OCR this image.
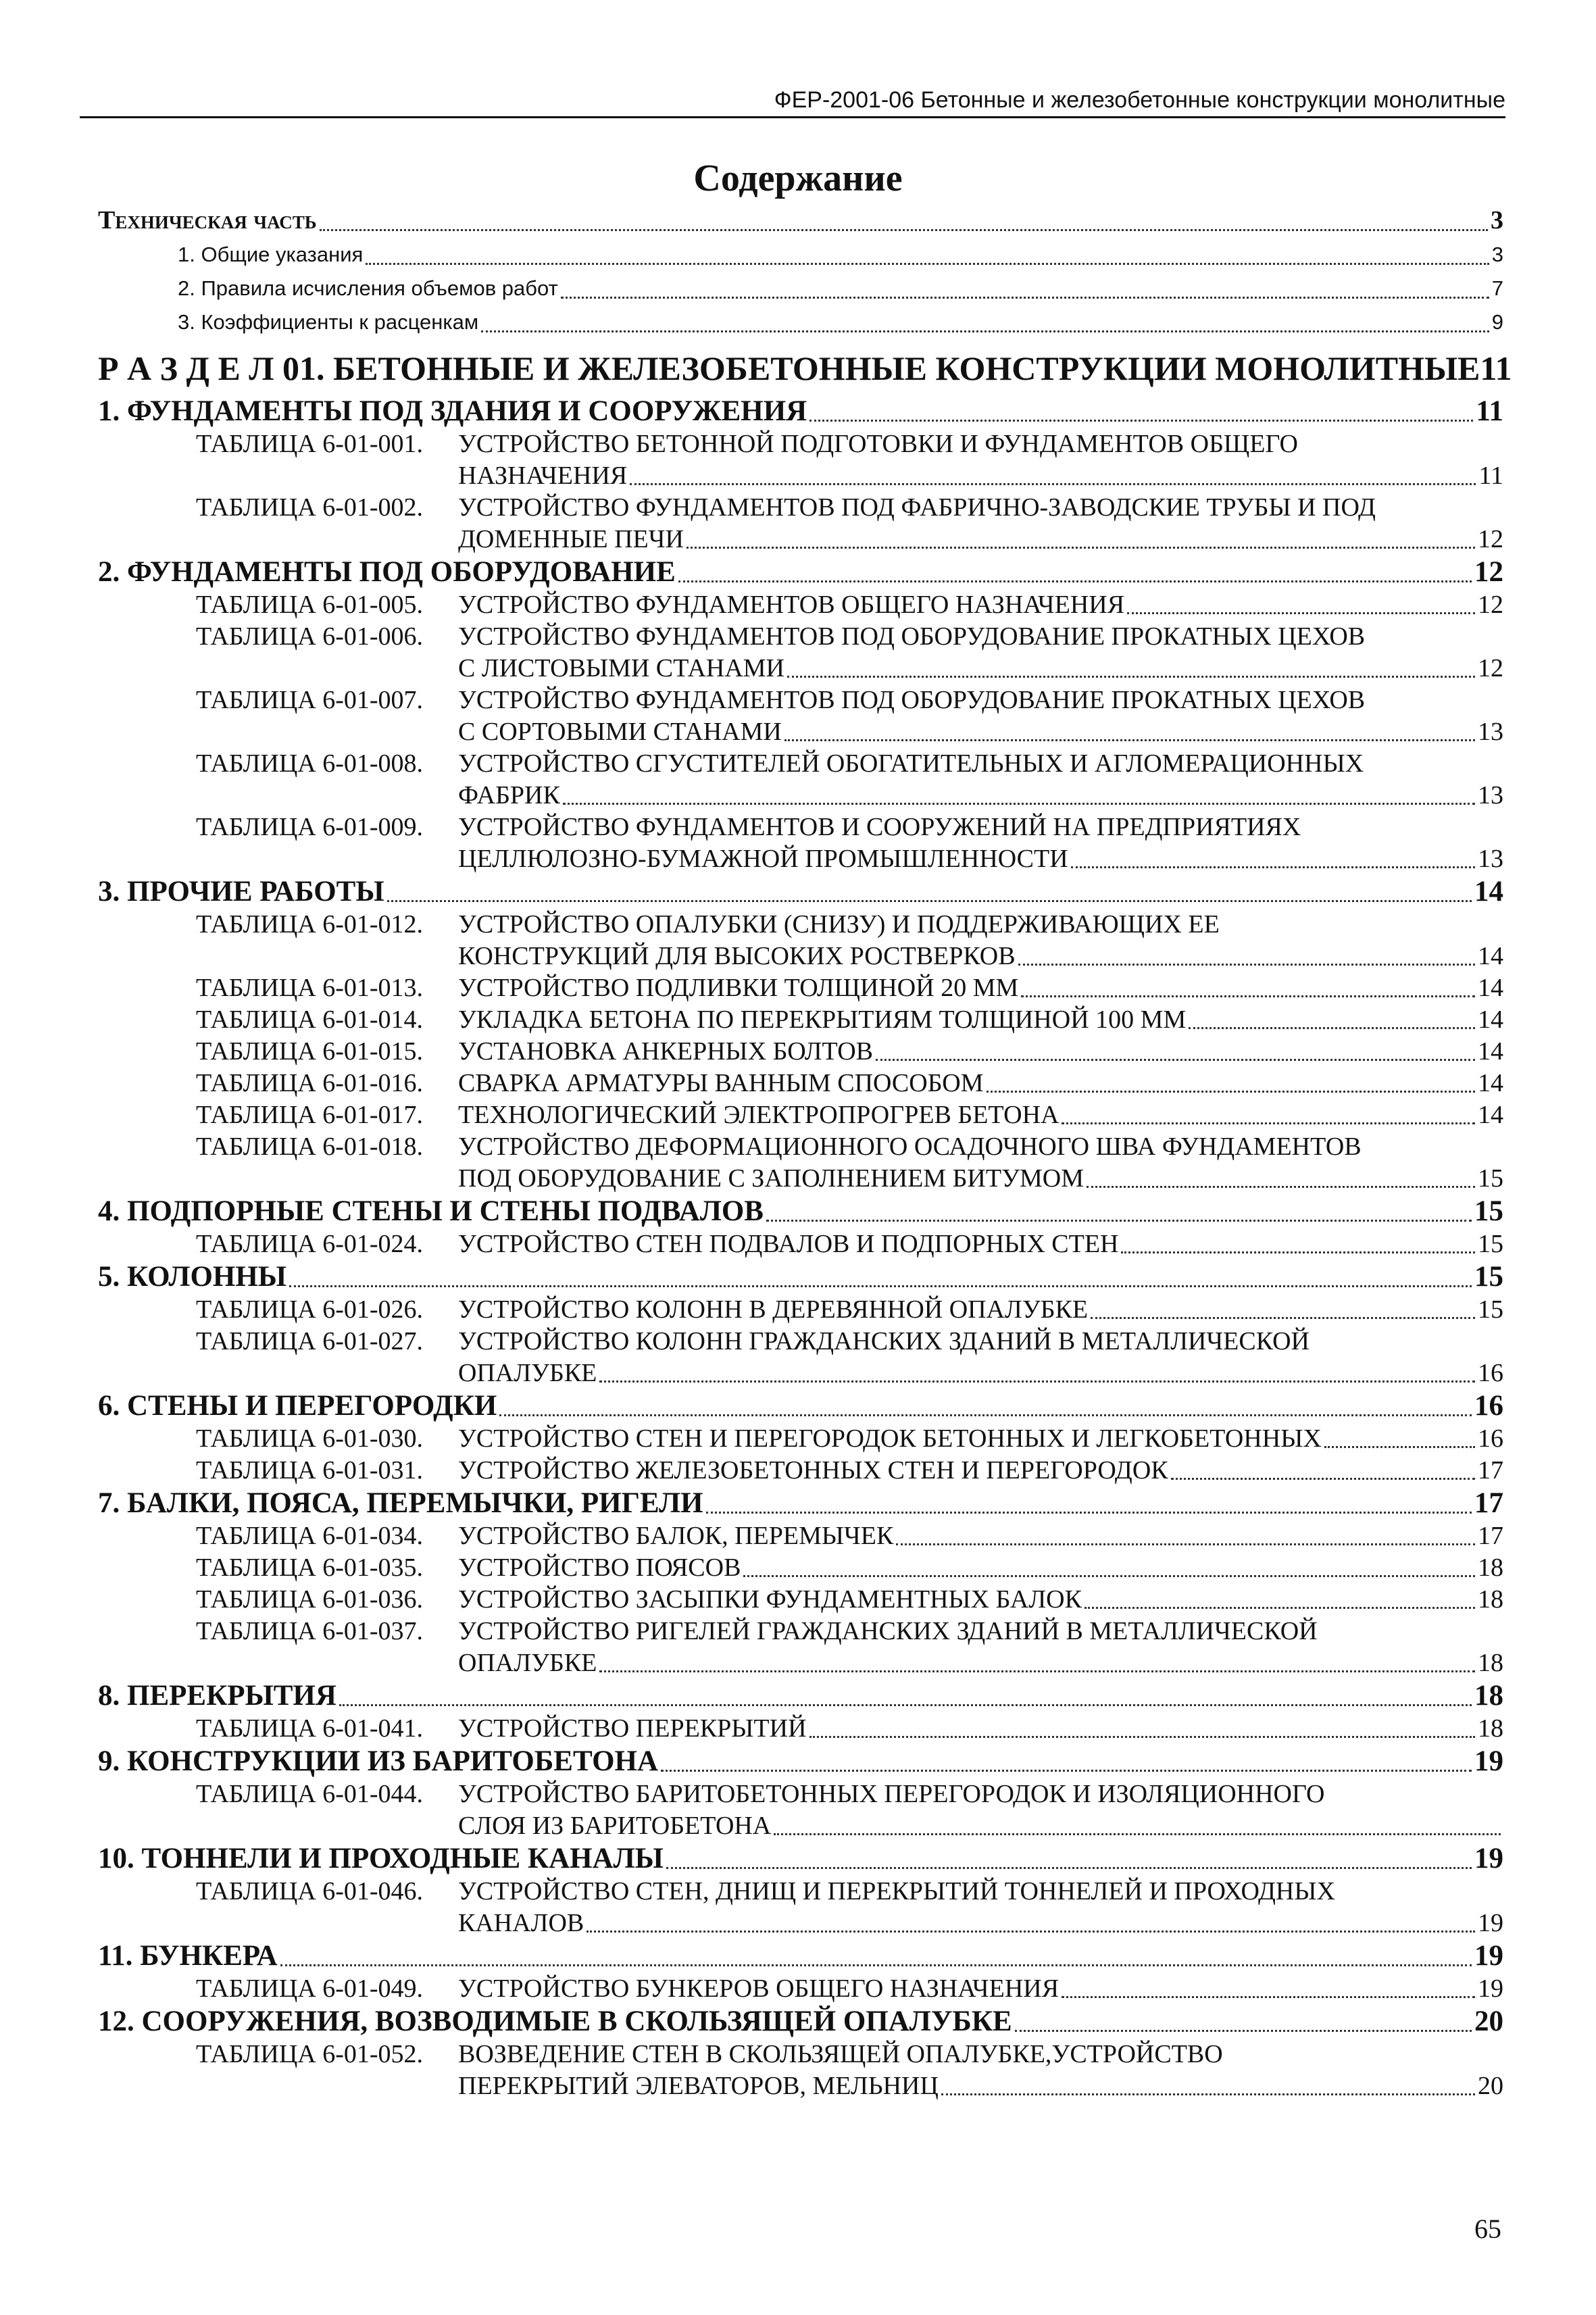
ФЕР-2001-06 Бетонные и железобетонные конструкции монолитные
Содержание
Техническая часть	3
1. Общие указания	3
2. Правила исчисления объемов работ	7
3. Коэффициенты к расценкам	9
Р А З Д Е Л 01. БЕТОННЫЕ И ЖЕЛЕЗОБЕТОННЫЕ КОНСТРУКЦИИ МОНОЛИТНЫЕ 11
1. ФУНДАМЕНТЫ ПОД ЗДАНИЯ И СООРУЖЕНИЯ	11
ТАБЛИЦА 6-01-001.	УСТРОЙСТВО БЕТОННОЙ ПОДГОТОВКИ И ФУНДАМЕНТОВ ОБЩЕГО
НАЗНАЧЕНИЯ	11
ТАБЛИЦА 6-01-002.	УСТРОЙСТВО ФУНДАМЕНТОВ ПОД ФАБРИЧНО-ЗАВОДСКИЕ ТРУБЫ И ПОД
ДОМЕННЫЕ ПЕЧИ	12
2. ФУНДАМЕНТЫ ПОД ОБОРУДОВАНИЕ	12
ТАБЛИЦА 6-01-005.	УСТРОЙСТВО ФУНДАМЕНТОВ ОБЩЕГО НАЗНАЧЕНИЯ	12
ТАБЛИЦА 6-01-006.	УСТРОЙСТВО ФУНДАМЕНТОВ ПОД ОБОРУДОВАНИЕ ПРОКАТНЫХ ЦЕХОВ
С ЛИСТОВЫМИ СТАНАМИ	12
ТАБЛИЦА 6-01-007.	УСТРОЙСТВО ФУНДАМЕНТОВ ПОД ОБОРУДОВАНИЕ ПРОКАТНЫХ ЦЕХОВ
С СОРТОВЫМИ СТАНАМИ	13
ТАБЛИЦА 6-01-008.	УСТРОЙСТВО СГУСТИТЕЛЕЙ ОБОГАТИТЕЛЬНЫХ И АГЛОМЕРАЦИОННЫХ
ФАБРИК	13
ТАБЛИЦА 6-01-009.	УСТРОЙСТВО ФУНДАМЕНТОВ И СООРУЖЕНИЙ НА ПРЕДПРИЯТИЯХ
ЦЕЛЛЮЛОЗНО-БУМАЖНОЙ ПРОМЫШЛЕННОСТИ	13
3. ПРОЧИЕ РАБОТЫ	14
ТАБЛИЦА 6-01-012.	УСТРОЙСТВО ОПАЛУБКИ (СНИЗУ) И ПОДДЕРЖИВАЮЩИХ ЕЕ
КОНСТРУКЦИЙ ДЛЯ ВЫСОКИХ РОСТВЕРКОВ	14
ТАБЛИЦА 6-01-013.	УСТРОЙСТВО ПОДЛИВКИ ТОЛЩИНОЙ 20 ММ	14
ТАБЛИЦА 6-01-014.	УКЛАДКА БЕТОНА ПО ПЕРЕКРЫТИЯМ ТОЛЩИНОЙ 100 ММ	14
ТАБЛИЦА 6-01-015.	УСТАНОВКА АНКЕРНЫХ БОЛТОВ	14
ТАБЛИЦА 6-01-016.	СВАРКА АРМАТУРЫ ВАННЫМ СПОСОБОМ	14
ТАБЛИЦА 6-01-017.	ТЕХНОЛОГИЧЕСКИЙ ЭЛЕКТРОПРОГРЕВ БЕТОНА	14
ТАБЛИЦА 6-01-018.	УСТРОЙСТВО ДЕФОРМАЦИОННОГО ОСАДОЧНОГО ШВА ФУНДАМЕНТОВ
ПОД ОБОРУДОВАНИЕ С ЗАПОЛНЕНИЕМ БИТУМОМ	15
4. ПОДПОРНЫЕ СТЕНЫ И СТЕНЫ ПОДВАЛОВ	15
ТАБЛИЦА 6-01-024.	УСТРОЙСТВО СТЕН ПОДВАЛОВ И ПОДПОРНЫХ СТЕН	15
5. КОЛОННЫ	15
ТАБЛИЦА 6-01-026.	УСТРОЙСТВО КОЛОНН В ДЕРЕВЯННОЙ ОПАЛУБКЕ	15
ТАБЛИЦА 6-01-027.	УСТРОЙСТВО КОЛОНН ГРАЖДАНСКИХ ЗДАНИЙ В МЕТАЛЛИЧЕСКОЙ
ОПАЛУБКЕ	16
6. СТЕНЫ И ПЕРЕГОРОДКИ	16
ТАБЛИЦА 6-01-030.	УСТРОЙСТВО СТЕН И ПЕРЕГОРОДОК БЕТОННЫХ И ЛЕГКОБЕТОННЫХ	16
ТАБЛИЦА 6-01-031.	УСТРОЙСТВО ЖЕЛЕЗОБЕТОННЫХ СТЕН И ПЕРЕГОРОДОК	17
7. БАЛКИ, ПОЯСА, ПЕРЕМЫЧКИ, РИГЕЛИ	17
ТАБЛИЦА 6-01-034.	УСТРОЙСТВО БАЛОК, ПЕРЕМЫЧЕК	17
ТАБЛИЦА 6-01-035.	УСТРОЙСТВО ПОЯСОВ	18
ТАБЛИЦА 6-01-036.	УСТРОЙСТВО ЗАСЫПКИ ФУНДАМЕНТНЫХ БАЛОК	18
ТАБЛИЦА 6-01-037.	УСТРОЙСТВО РИГЕЛЕЙ ГРАЖДАНСКИХ ЗДАНИЙ В МЕТАЛЛИЧЕСКОЙ
ОПАЛУБКЕ	18
8. ПЕРЕКРЫТИЯ	18
ТАБЛИЦА 6-01-041.	УСТРОЙСТВО ПЕРЕКРЫТИЙ	18
9. КОНСТРУКЦИИ ИЗ БАРИТОБЕТОНА	19
ТАБЛИЦА 6-01-044.	УСТРОЙСТВО БАРИТОБЕТОННЫХ ПЕРЕГОРОДОК И ИЗОЛЯЦИОННОГО
СЛОЯ ИЗ БАРИТОБЕТОНА
10. ТОННЕЛИ И ПРОХОДНЫЕ КАНАЛЫ	19
ТАБЛИЦА 6-01-046.	УСТРОЙСТВО СТЕН, ДНИЩ И ПЕРЕКРЫТИЙ ТОННЕЛЕЙ И ПРОХОДНЫХ
КАНАЛОВ	19
11. БУНКЕРА	19
ТАБЛИЦА 6-01-049.	УСТРОЙСТВО БУНКЕРОВ ОБЩЕГО НАЗНАЧЕНИЯ	19
12. СООРУЖЕНИЯ, ВОЗВОДИМЫЕ В СКОЛЬЗЯЩЕЙ ОПАЛУБКЕ	20
ТАБЛИЦА 6-01-052.	ВОЗВЕДЕНИЕ СТЕН В СКОЛЬЗЯЩЕЙ ОПАЛУБКЕ,УСТРОЙСТВО
ПЕРЕКРЫТИЙ ЭЛЕВАТОРОВ, МЕЛЬНИЦ	20
65
